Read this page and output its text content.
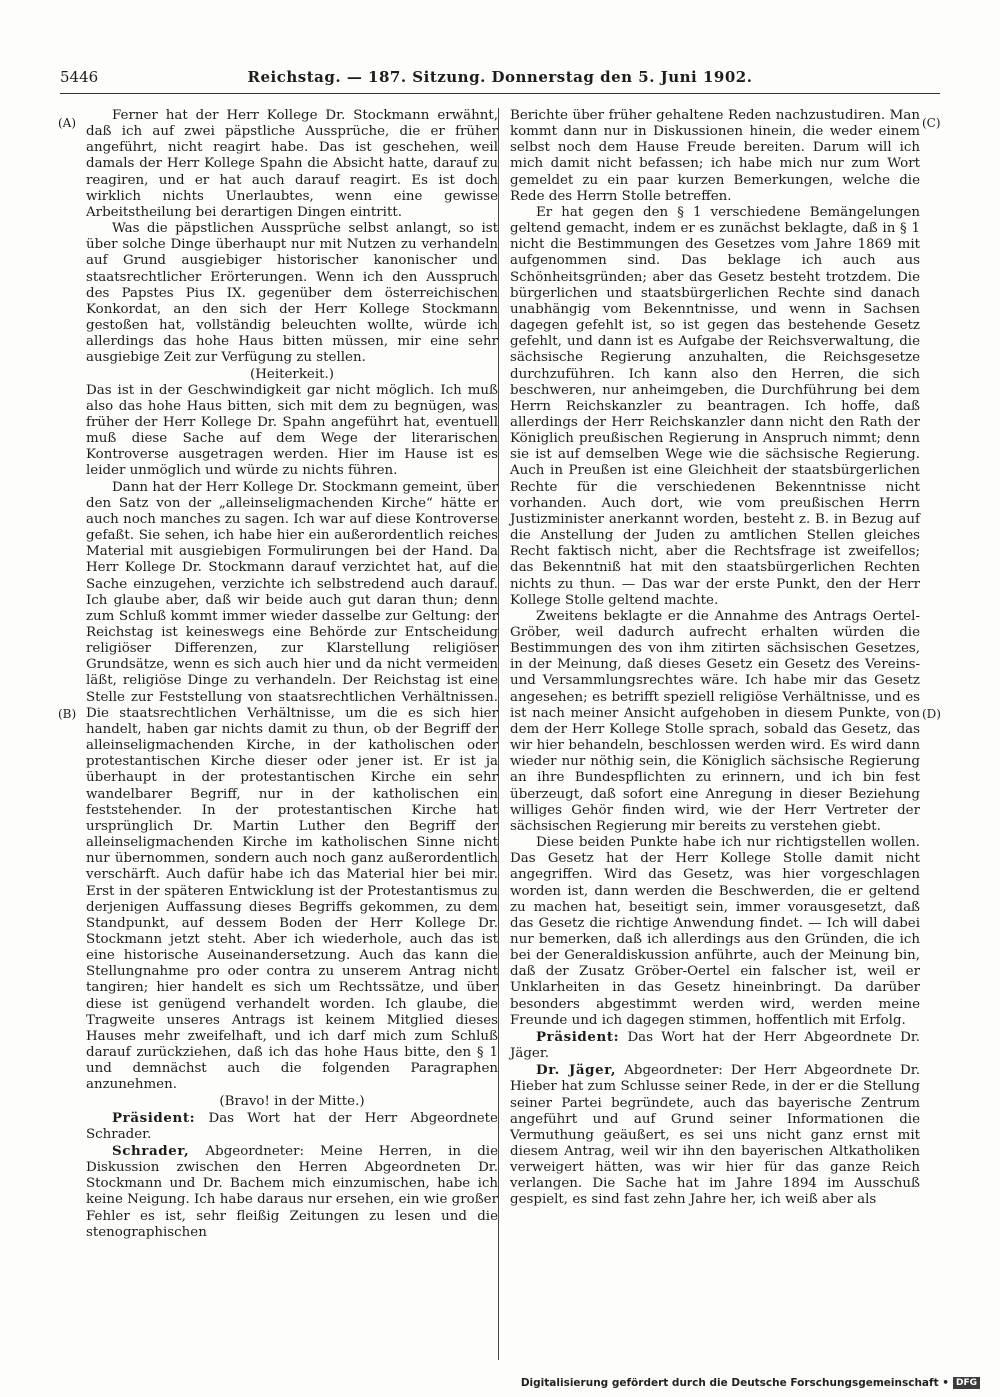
5446	Reichstag. — 187. Sitzung. Donnerstag den 5. Juni 1902.
(A)
(B)
(C)
(D)

Ferner hat der Herr Kollege Dr. Stockmann erwähnt, daß ich auf zwei päpstliche Aussprüche, die er früher angeführt, nicht reagirt habe. Das ist geschehen, weil damals der Herr Kollege Spahn die Absicht hatte, darauf zu reagiren, und er hat auch darauf reagirt. Es ist doch wirklich nichts Unerlaubtes, wenn eine gewisse Arbeitstheilung bei derartigen Dingen eintritt.

Was die päpstlichen Aussprüche selbst anlangt, so ist über solche Dinge überhaupt nur mit Nutzen zu verhandeln auf Grund ausgiebiger historischer kanonischer und staatsrechtlicher Erörterungen. Wenn ich den Ausspruch des Papstes Pius IX. gegenüber dem österreichischen Konkordat, an den sich der Herr Kollege Stockmann gestoßen hat, vollständig beleuchten wollte, würde ich allerdings das hohe Haus bitten müssen, mir eine sehr ausgiebige Zeit zur Verfügung zu stellen.

(Heiterkeit.)

Das ist in der Geschwindigkeit gar nicht möglich. Ich muß also das hohe Haus bitten, sich mit dem zu begnügen, was früher der Herr Kollege Dr. Spahn angeführt hat, eventuell muß diese Sache auf dem Wege der literarischen Kontroverse ausgetragen werden. Hier im Hause ist es leider unmöglich und würde zu nichts führen.

Dann hat der Herr Kollege Dr. Stockmann gemeint, über den Satz von der „alleinseligmachenden Kirche“ hätte er auch noch manches zu sagen. Ich war auf diese Kontroverse gefaßt. Sie sehen, ich habe hier ein außerordentlich reiches Material mit ausgiebigen Formulirungen bei der Hand. Da Herr Kollege Dr. Stockmann darauf verzichtet hat, auf die Sache einzugehen, verzichte ich selbstredend auch darauf. Ich glaube aber, daß wir beide auch gut daran thun; denn zum Schluß kommt immer wieder dasselbe zur Geltung: der Reichstag ist keineswegs eine Behörde zur Entscheidung religiöser Differenzen, zur Klarstellung religiöser Grundsätze, wenn es sich auch hier und da nicht vermeiden läßt, religiöse Dinge zu verhandeln. Der Reichstag ist eine Stelle zur Feststellung von staatsrechtlichen Verhältnissen. Die staatsrechtlichen Verhältnisse, um die es sich hier handelt, haben gar nichts damit zu thun, ob der Begriff der alleinseligmachenden Kirche, in der katholischen oder protestantischen Kirche dieser oder jener ist. Er ist ja überhaupt in der protestantischen Kirche ein sehr wandelbarer Begriff, nur in der katholischen ein feststehender. In der protestantischen Kirche hat ursprünglich Dr. Martin Luther den Begriff der alleinseligmachenden Kirche im katholischen Sinne nicht nur übernommen, sondern auch noch ganz außerordentlich verschärft. Auch dafür habe ich das Material hier bei mir. Erst in der späteren Entwicklung ist der Protestantismus zu derjenigen Auffassung dieses Begriffs gekommen, zu dem Standpunkt, auf dessem Boden der Herr Kollege Dr. Stockmann jetzt steht. Aber ich wiederhole, auch das ist eine historische Auseinandersetzung. Auch das kann die Stellungnahme pro oder contra zu unserem Antrag nicht tangiren; hier handelt es sich um Rechtssätze, und über diese ist genügend verhandelt worden. Ich glaube, die Tragweite unseres Antrags ist keinem Mitglied dieses Hauses mehr zweifelhaft, und ich darf mich zum Schluß darauf zurückziehen, daß ich das hohe Haus bitte, den § 1 und demnächst auch die folgenden Paragraphen anzunehmen.

(Bravo! in der Mitte.)

Präsident: Das Wort hat der Herr Abgeordnete Schrader.

Schrader, Abgeordneter: Meine Herren, in die Diskussion zwischen den Herren Abgeordneten Dr. Stockmann und Dr. Bachem mich einzumischen, habe ich keine Neigung. Ich habe daraus nur ersehen, ein wie großer Fehler es ist, sehr fleißig Zeitungen zu lesen und die stenographischen

Berichte über früher gehaltene Reden nachzustudiren. Man kommt dann nur in Diskussionen hinein, die weder einem selbst noch dem Hause Freude bereiten. Darum will ich mich damit nicht befassen; ich habe mich nur zum Wort gemeldet zu ein paar kurzen Bemerkungen, welche die Rede des Herrn Stolle betreffen.

Er hat gegen den § 1 verschiedene Bemängelungen geltend gemacht, indem er es zunächst beklagte, daß in § 1 nicht die Bestimmungen des Gesetzes vom Jahre 1869 mit aufgenommen sind. Das beklage ich auch aus Schönheitsgründen; aber das Gesetz besteht trotzdem. Die bürgerlichen und staatsbürgerlichen Rechte sind danach unabhängig vom Bekenntnisse, und wenn in Sachsen dagegen gefehlt ist, so ist gegen das bestehende Gesetz gefehlt, und dann ist es Aufgabe der Reichsverwaltung, die sächsische Regierung anzuhalten, die Reichsgesetze durchzuführen. Ich kann also den Herren, die sich beschweren, nur anheimgeben, die Durchführung bei dem Herrn Reichskanzler zu beantragen. Ich hoffe, daß allerdings der Herr Reichskanzler dann nicht den Rath der Königlich preußischen Regierung in Anspruch nimmt; denn sie ist auf demselben Wege wie die sächsische Regierung. Auch in Preußen ist eine Gleichheit der staatsbürgerlichen Rechte für die verschiedenen Bekenntnisse nicht vorhanden. Auch dort, wie vom preußischen Herrn Justizminister anerkannt worden, besteht z. B. in Bezug auf die Anstellung der Juden zu amtlichen Stellen gleiches Recht faktisch nicht, aber die Rechtsfrage ist zweifellos; das Bekenntniß hat mit den staatsbürgerlichen Rechten nichts zu thun. — Das war der erste Punkt, den der Herr Kollege Stolle geltend machte.

Zweitens beklagte er die Annahme des Antrags Oertel-Gröber, weil dadurch aufrecht erhalten würden die Bestimmungen des von ihm zitirten sächsischen Gesetzes, in der Meinung, daß dieses Gesetz ein Gesetz des Vereins- und Versammlungsrechtes wäre. Ich habe mir das Gesetz angesehen; es betrifft speziell religiöse Verhältnisse, und es ist nach meiner Ansicht aufgehoben in diesem Punkte, von dem der Herr Kollege Stolle sprach, sobald das Gesetz, das wir hier behandeln, beschlossen werden wird. Es wird dann wieder nur nöthig sein, die Königlich sächsische Regierung an ihre Bundespflichten zu erinnern, und ich bin fest überzeugt, daß sofort eine Anregung in dieser Beziehung williges Gehör finden wird, wie der Herr Vertreter der sächsischen Regierung mir bereits zu verstehen giebt.

Diese beiden Punkte habe ich nur richtigstellen wollen. Das Gesetz hat der Herr Kollege Stolle damit nicht angegriffen. Wird das Gesetz, was hier vorgeschlagen worden ist, dann werden die Beschwerden, die er geltend zu machen hat, beseitigt sein, immer vorausgesetzt, daß das Gesetz die richtige Anwendung findet. — Ich will dabei nur bemerken, daß ich allerdings aus den Gründen, die ich bei der Generaldiskussion anführte, auch der Meinung bin, daß der Zusatz Gröber-Oertel ein falscher ist, weil er Unklarheiten in das Gesetz hineinbringt. Da darüber besonders abgestimmt werden wird, werden meine Freunde und ich dagegen stimmen, hoffentlich mit Erfolg.

Präsident: Das Wort hat der Herr Abgeordnete Dr. Jäger.

Dr. Jäger, Abgeordneter: Der Herr Abgeordnete Dr. Hieber hat zum Schlusse seiner Rede, in der er die Stellung seiner Partei begründete, auch das bayerische Zentrum angeführt und auf Grund seiner Informationen die Vermuthung geäußert, es sei uns nicht ganz ernst mit diesem Antrag, weil wir ihn den bayerischen Altkatholiken verweigert hätten, was wir hier für das ganze Reich verlangen. Die Sache hat im Jahre 1894 im Ausschuß gespielt, es sind fast zehn Jahre her, ich weiß aber als

Digitalisierung gefördert durch die Deutsche Forschungsgemeinschaft • DFG
